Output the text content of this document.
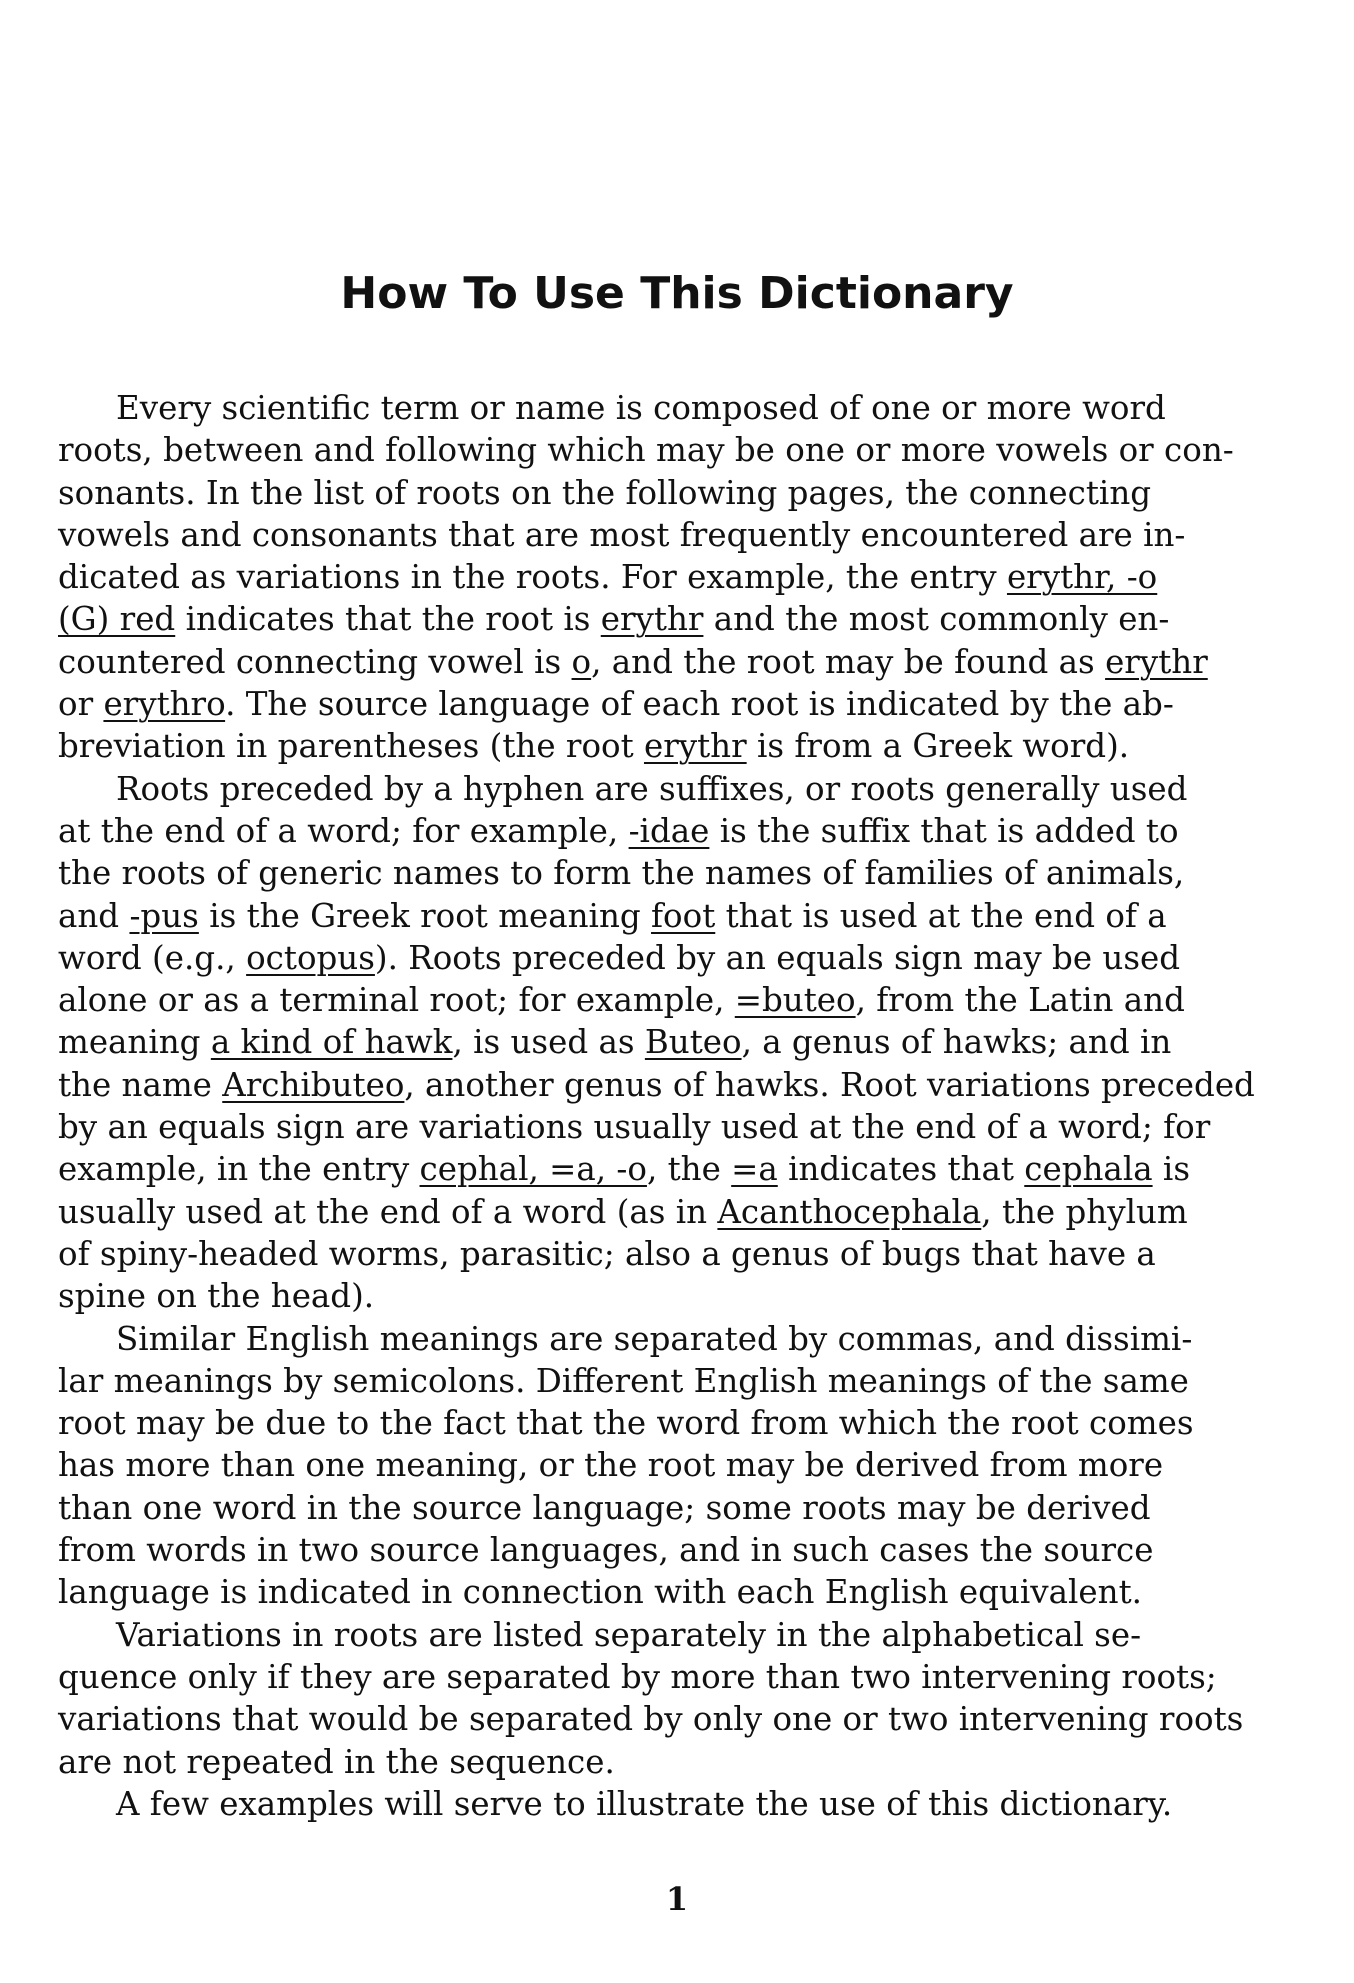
How To Use This Dictionary
Every scientific term or name is composed of one or more word
roots, between and following which may be one or more vowels or con-
sonants. In the list of roots on the following pages, the connecting
vowels and consonants that are most frequently encountered are in-
dicated as variations in the roots. For example, the entry erythr, -o
(G) red indicates that the root is erythr and the most commonly en-
countered connecting vowel is o, and the root may be found as erythr
or erythro. The source language of each root is indicated by the ab-
breviation in parentheses (the root erythr is from a Greek word).
Roots preceded by a hyphen are suffixes, or roots generally used
at the end of a word; for example, -idae is the suffix that is added to
the roots of generic names to form the names of families of animals,
and -pus is the Greek root meaning foot that is used at the end of a
word (e.g., octopus). Roots preceded by an equals sign may be used
alone or as a terminal root; for example, =buteo, from the Latin and
meaning a kind of hawk, is used as Buteo, a genus of hawks; and in
the name Archibuteo, another genus of hawks. Root variations preceded
by an equals sign are variations usually used at the end of a word; for
example, in the entry cephal, =a, -o, the =a indicates that cephala is
usually used at the end of a word (as in Acanthocephala, the phylum
of spiny-headed worms, parasitic; also a genus of bugs that have a
spine on the head).
Similar English meanings are separated by commas, and dissimi-
lar meanings by semicolons. Different English meanings of the same
root may be due to the fact that the word from which the root comes
has more than one meaning, or the root may be derived from more
than one word in the source language; some roots may be derived
from words in two source languages, and in such cases the source
language is indicated in connection with each English equivalent.
Variations in roots are listed separately in the alphabetical se-
quence only if they are separated by more than two intervening roots;
variations that would be separated by only one or two intervening roots
are not repeated in the sequence.
A few examples will serve to illustrate the use of this dictionary.
1
